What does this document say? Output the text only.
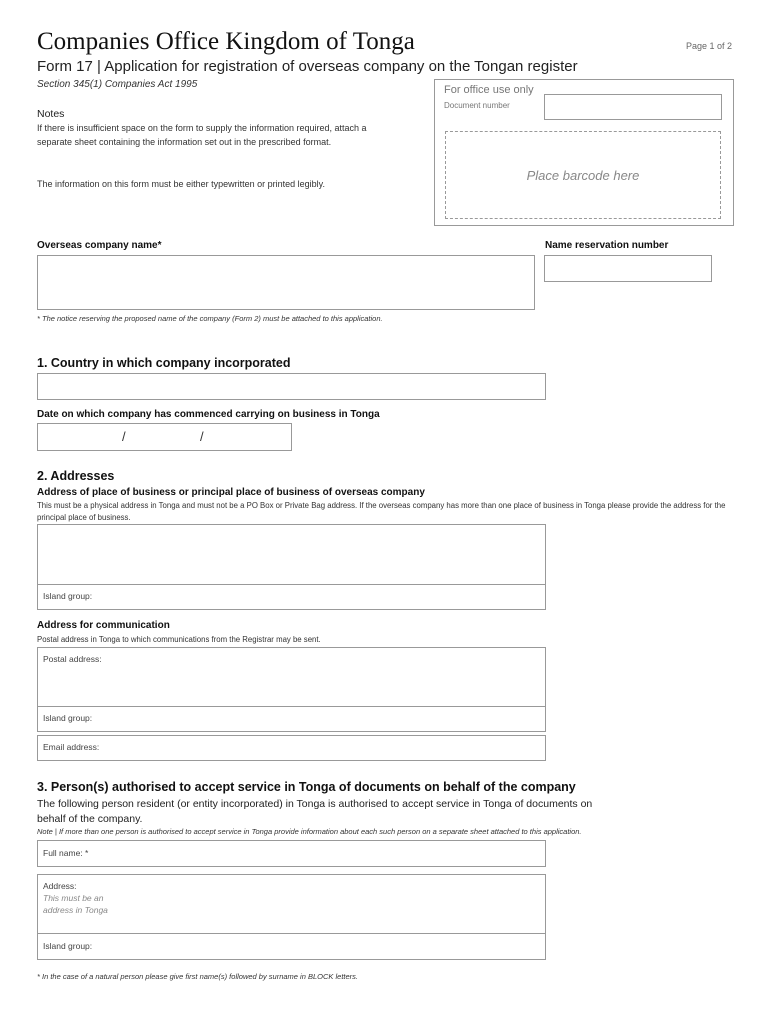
Companies Office Kingdom of Tonga	Page 1 of 2
Form 17 | Application for registration of overseas company on the Tongan register
Section 345(1) Companies Act 1995
Notes
If there is insufficient space on the form to supply the information required, attach a separate sheet containing the information set out in the prescribed format.
The information on this form must be either typewritten or printed legibly.
For office use only
Document number
Place barcode here
Overseas company name*	Name reservation number
* The notice reserving the proposed name of the company (Form 2) must be attached to this application.
1. Country in which company incorporated
Date on which company has commenced carrying on business in Tonga
/	/
2. Addresses
Address of place of business or principal place of business of overseas company
This must be a physical address in Tonga and must not be a PO Box or Private Bag address. If the overseas company has more than one place of business in Tonga please provide the address for the principal place of business.
Island group:
Address for communication
Postal address in Tonga to which communications from the Registrar may be sent.
Postal address:
Island group:
Email address:
3. Person(s) authorised to accept service in Tonga of documents on behalf of the company
The following person resident (or entity incorporated) in Tonga is authorised to accept service in Tonga of documents on behalf of the company.
Note | If more than one person is authorised to accept service in Tonga provide information about each such person on a separate sheet attached to this application.
Full name: *
Address:
This must be an address in Tonga
Island group:
* In the case of a natural person please give first name(s) followed by surname in BLOCK letters.
